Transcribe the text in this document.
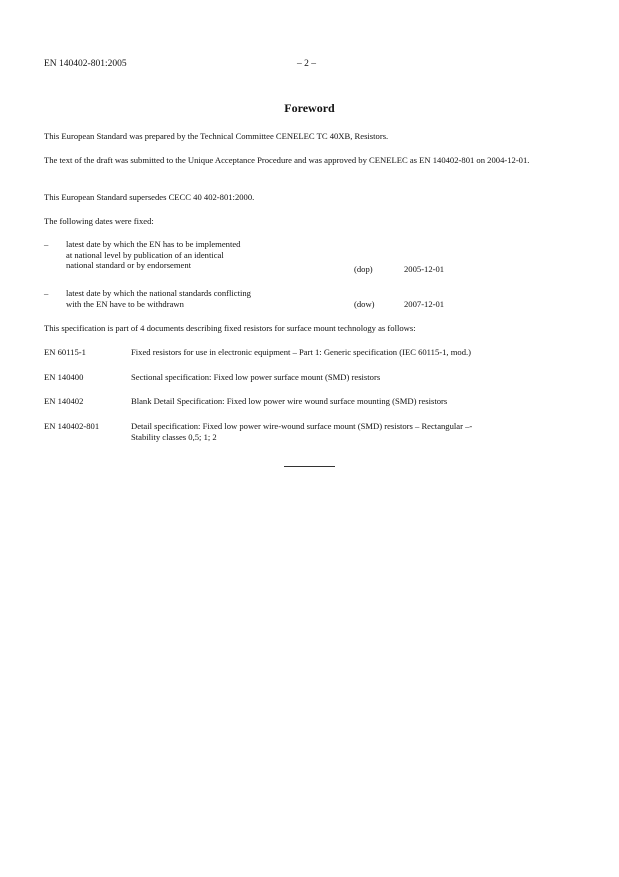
EN 140402-801:2005	– 2 –
Foreword
This European Standard was prepared by the Technical Committee CENELEC TC 40XB, Resistors.
The text of the draft was submitted to the Unique Acceptance Procedure and was approved by CENELEC as EN 140402-801 on 2004-12-01.
This European Standard supersedes CECC 40 402-801:2000.
The following dates were fixed:
– latest date by which the EN has to be implemented
at national level by publication of an identical
national standard or by endorsement	(dop)	2005-12-01
– latest date by which the national standards conflicting
with the EN have to be withdrawn	(dow)	2007-12-01
This specification is part of 4 documents describing fixed resistors for surface mount technology as follows:
EN 60115-1	Fixed resistors for use in electronic equipment – Part 1: Generic specification (IEC 60115-1, mod.)
EN 140400	Sectional specification: Fixed low power surface mount (SMD) resistors
EN 140402	Blank Detail Specification: Fixed low power wire wound surface mounting (SMD) resistors
EN 140402-801	Detail specification: Fixed low power wire-wound surface mount (SMD) resistors – Rectangular –-
Stability classes 0,5; 1; 2
